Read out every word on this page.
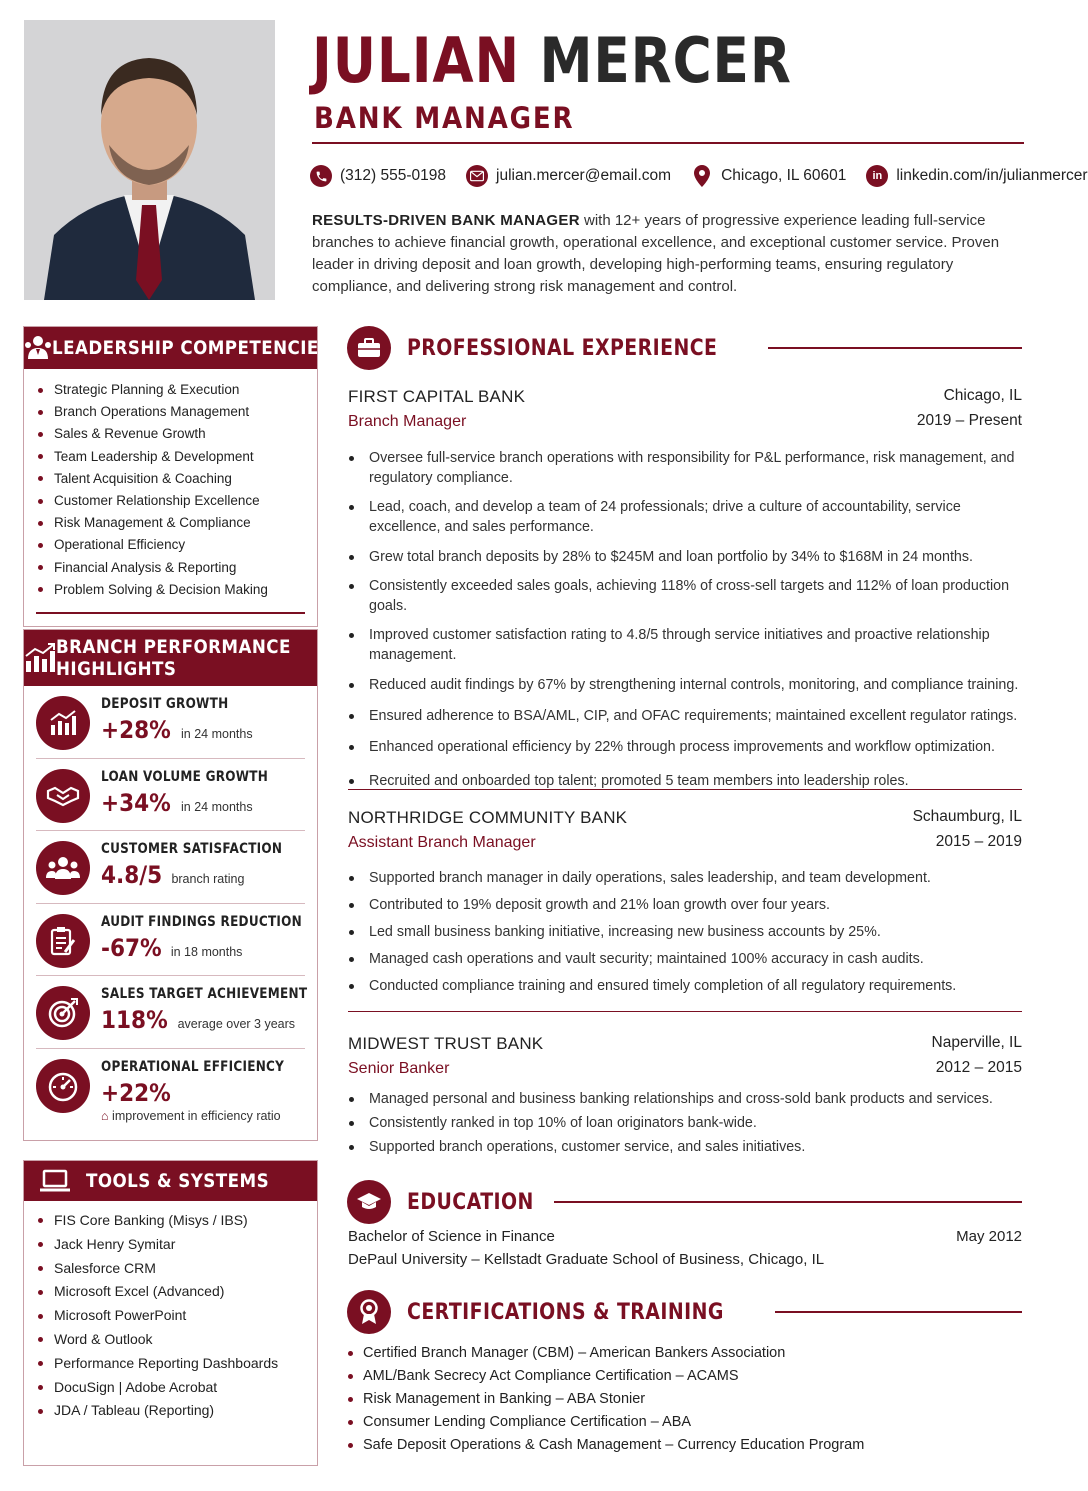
JULIAN MERCER
BANK MANAGER
(312) 555-0198	julian.mercer@email.com	Chicago, IL 60601	in linkedin.com/in/julianmercer
RESULTS-DRIVEN BANK MANAGER with 12+ years of progressive experience leading full-service branches to achieve financial growth, operational excellence, and exceptional customer service. Proven leader in driving deposit and loan growth, developing high-performing teams, ensuring regulatory compliance, and delivering strong risk management and control.
LEADERSHIP COMPETENCIES
Strategic Planning & Execution
Branch Operations Management
Sales & Revenue Growth
Team Leadership & Development
Talent Acquisition & Coaching
Customer Relationship Excellence
Risk Management & Compliance
Operational Efficiency
Financial Analysis & Reporting
Problem Solving & Decision Making
BRANCH PERFORMANCE
HIGHLIGHTS
DEPOSIT GROWTH
+28% in 24 months
LOAN VOLUME GROWTH
+34% in 24 months
CUSTOMER SATISFACTION
4.8/5 branch rating
AUDIT FINDINGS REDUCTION
-67% in 18 months
SALES TARGET ACHIEVEMENT
118% average over 3 years
OPERATIONAL EFFICIENCY
+22%
⌂ improvement in efficiency ratio
TOOLS & SYSTEMS
FIS Core Banking (Misys / IBS)
Jack Henry Symitar
Salesforce CRM
Microsoft Excel (Advanced)
Microsoft PowerPoint
Word & Outlook
Performance Reporting Dashboards
DocuSign | Adobe Acrobat
JDA / Tableau (Reporting)
PROFESSIONAL EXPERIENCE
FIRST CAPITAL BANK
Branch Manager
Chicago, IL
2019 – Present
Oversee full-service branch operations with responsibility for P&L performance, risk management, and regulatory compliance.
Lead, coach, and develop a team of 24 professionals; drive a culture of accountability, service excellence, and sales performance.
Grew total branch deposits by 28% to $245M and loan portfolio by 34% to $168M in 24 months.
Consistently exceeded sales goals, achieving 118% of cross-sell targets and 112% of loan production goals.
Improved customer satisfaction rating to 4.8/5 through service initiatives and proactive relationship management.
Reduced audit findings by 67% by strengthening internal controls, monitoring, and compliance training.
Ensured adherence to BSA/AML, CIP, and OFAC requirements; maintained excellent regulator ratings.
Enhanced operational efficiency by 22% through process improvements and workflow optimization.
Recruited and onboarded top talent; promoted 5 team members into leadership roles.
NORTHRIDGE COMMUNITY BANK
Assistant Branch Manager
Schaumburg, IL
2015 – 2019
Supported branch manager in daily operations, sales leadership, and team development.
Contributed to 19% deposit growth and 21% loan growth over four years.
Led small business banking initiative, increasing new business accounts by 25%.
Managed cash operations and vault security; maintained 100% accuracy in cash audits.
Conducted compliance training and ensured timely completion of all regulatory requirements.
MIDWEST TRUST BANK
Senior Banker
Naperville, IL
2012 – 2015
Managed personal and business banking relationships and cross-sold bank products and services.
Consistently ranked in top 10% of loan originators bank-wide.
Supported branch operations, customer service, and sales initiatives.
EDUCATION
Bachelor of Science in Finance
DePaul University – Kellstadt Graduate School of Business, Chicago, IL
May 2012
CERTIFICATIONS & TRAINING
Certified Branch Manager (CBM) – American Bankers Association
AML/Bank Secrecy Act Compliance Certification – ACAMS
Risk Management in Banking – ABA Stonier
Consumer Lending Compliance Certification – ABA
Safe Deposit Operations & Cash Management – Currency Education Program
